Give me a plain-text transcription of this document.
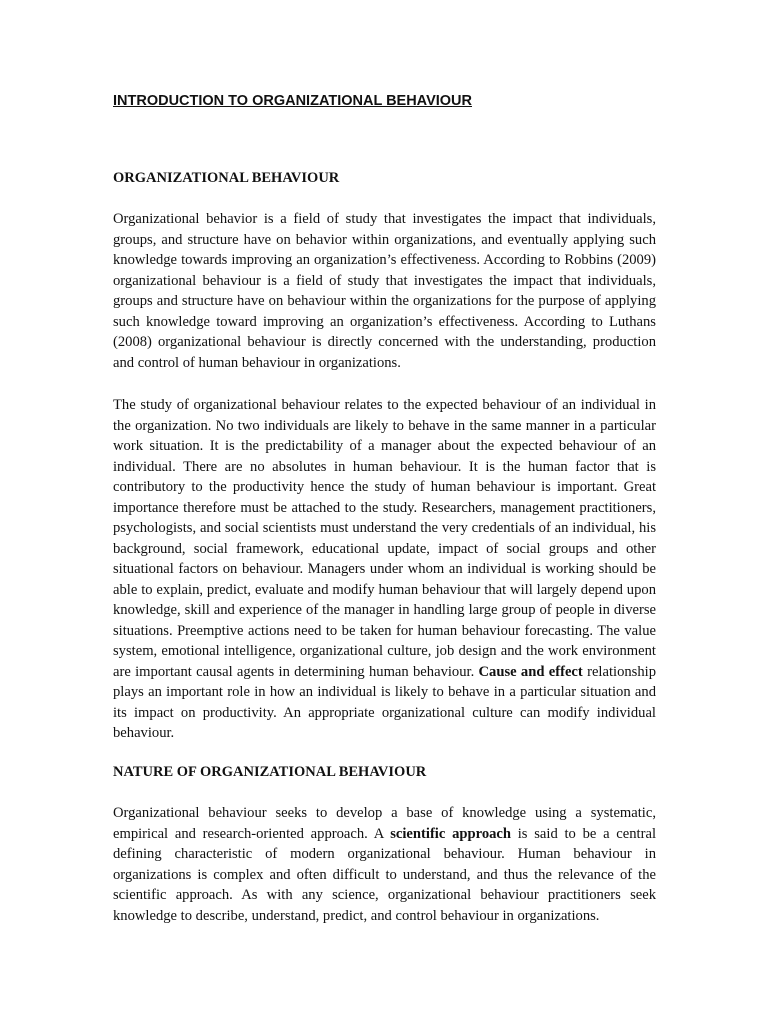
INTRODUCTION TO ORGANIZATIONAL BEHAVIOUR
ORGANIZATIONAL BEHAVIOUR

Organizational behavior is a field of study that investigates the impact that individuals, groups, and structure have on behavior within organizations, and eventually applying such knowledge towards improving an organization’s effectiveness. According to Robbins (2009) organizational behaviour is a field of study that investigates the impact that individuals, groups and structure have on behaviour within the organizations for the purpose of applying such knowledge toward improving an organization’s effectiveness. According to Luthans (2008) organizational behaviour is directly concerned with the understanding, production and control of human behaviour in organizations.

The study of organizational behaviour relates to the expected behaviour of an individual in the organization. No two individuals are likely to behave in the same manner in a particular work situation. It is the predictability of a manager about the expected behaviour of an individual. There are no absolutes in human behaviour. It is the human factor that is contributory to the productivity hence the study of human behaviour is important. Great importance therefore must be attached to the study. Researchers, management practitioners, psychologists, and social scientists must understand the very credentials of an individual, his background, social framework, educational update, impact of social groups and other situational factors on behaviour. Managers under whom an individual is working should be able to explain, predict, evaluate and modify human behaviour that will largely depend upon knowledge, skill and experience of the manager in handling large group of people in diverse situations. Preemptive actions need to be taken for human behaviour forecasting. The value system, emotional intelligence, organizational culture, job design and the work environment are important causal agents in determining human behaviour. Cause and effect relationship plays an important role in how an individual is likely to behave in a particular situation and its impact on productivity. An appropriate organizational culture can modify individual behaviour.

NATURE OF ORGANIZATIONAL BEHAVIOUR

Organizational behaviour seeks to develop a base of knowledge using a systematic, empirical and research-oriented approach. A scientific approach is said to be a central defining characteristic of modern organizational behaviour. Human behaviour in organizations is complex and often difficult to understand, and thus the relevance of the scientific approach. As with any science, organizational behaviour practitioners seek knowledge to describe, understand, predict, and control behaviour in organizations.
